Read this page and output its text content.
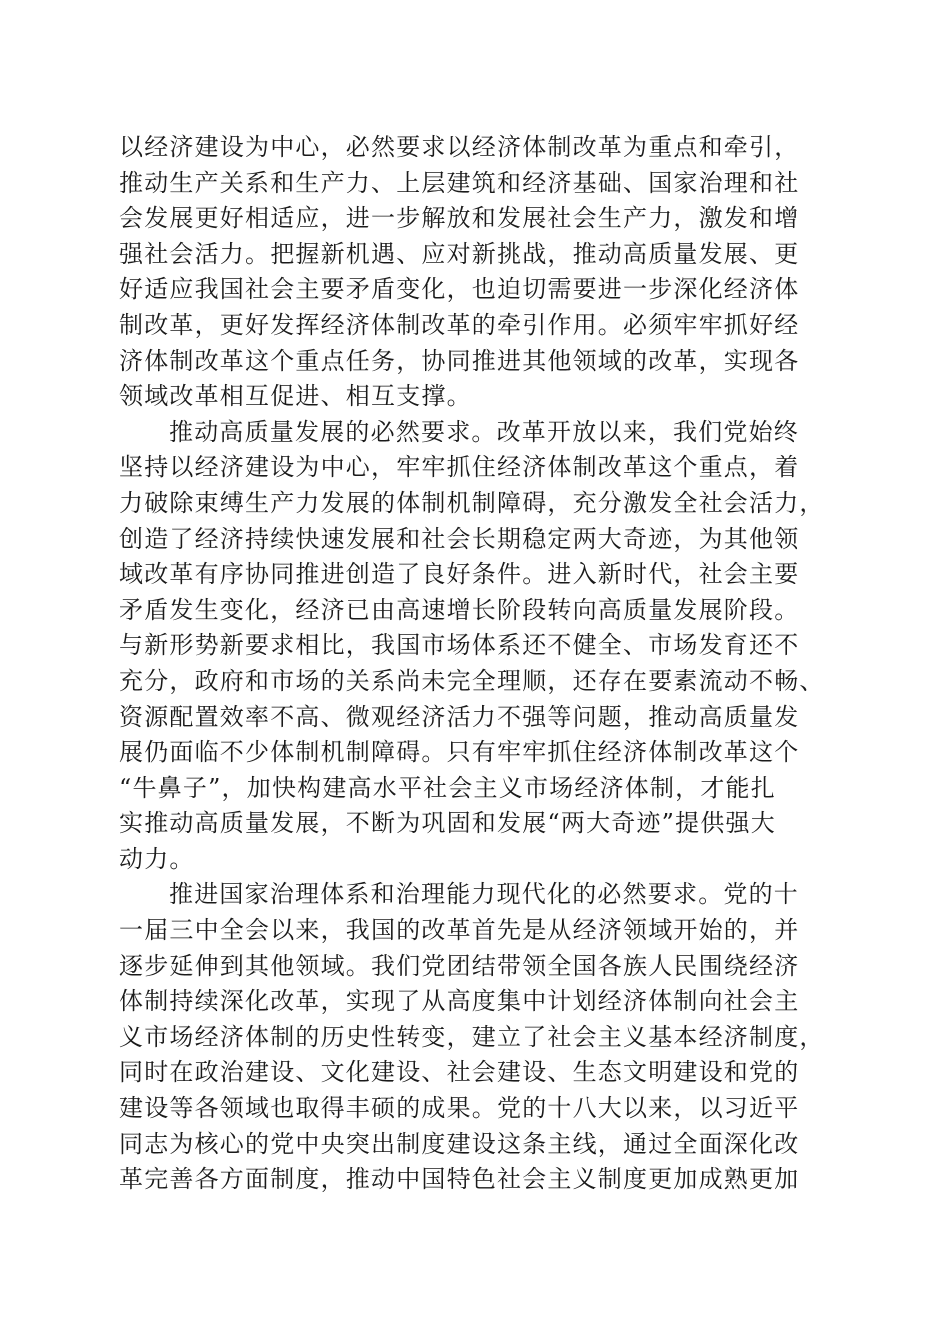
以经济建设为中心，必然要求以经济体制改革为重点和牵引，
推动生产关系和生产力、上层建筑和经济基础、国家治理和社
会发展更好相适应，进一步解放和发展社会生产力，激发和增
强社会活力。把握新机遇、应对新挑战，推动高质量发展、更
好适应我国社会主要矛盾变化，也迫切需要进一步深化经济体
制改革，更好发挥经济体制改革的牵引作用。必须牢牢抓好经
济体制改革这个重点任务，协同推进其他领域的改革，实现各
领域改革相互促进、相互支撑。
推动高质量发展的必然要求。改革开放以来，我们党始终
坚持以经济建设为中心，牢牢抓住经济体制改革这个重点，着
力破除束缚生产力发展的体制机制障碍，充分激发全社会活力，
创造了经济持续快速发展和社会长期稳定两大奇迹，为其他领
域改革有序协同推进创造了良好条件。进入新时代，社会主要
矛盾发生变化，经济已由高速增长阶段转向高质量发展阶段。
与新形势新要求相比，我国市场体系还不健全、市场发育还不
充分，政府和市场的关系尚未完全理顺，还存在要素流动不畅、
资源配置效率不高、微观经济活力不强等问题，推动高质量发
展仍面临不少体制机制障碍。只有牢牢抓住经济体制改革这个
“牛鼻子”，加快构建高水平社会主义市场经济体制，才能扎
实推动高质量发展，不断为巩固和发展“两大奇迹”提供强大
动力。
推进国家治理体系和治理能力现代化的必然要求。党的十
一届三中全会以来，我国的改革首先是从经济领域开始的，并
逐步延伸到其他领域。我们党团结带领全国各族人民围绕经济
体制持续深化改革，实现了从高度集中计划经济体制向社会主
义市场经济体制的历史性转变，建立了社会主义基本经济制度，
同时在政治建设、文化建设、社会建设、生态文明建设和党的
建设等各领域也取得丰硕的成果。党的十八大以来，以习近平
同志为核心的党中央突出制度建设这条主线，通过全面深化改
革完善各方面制度，推动中国特色社会主义制度更加成熟更加
